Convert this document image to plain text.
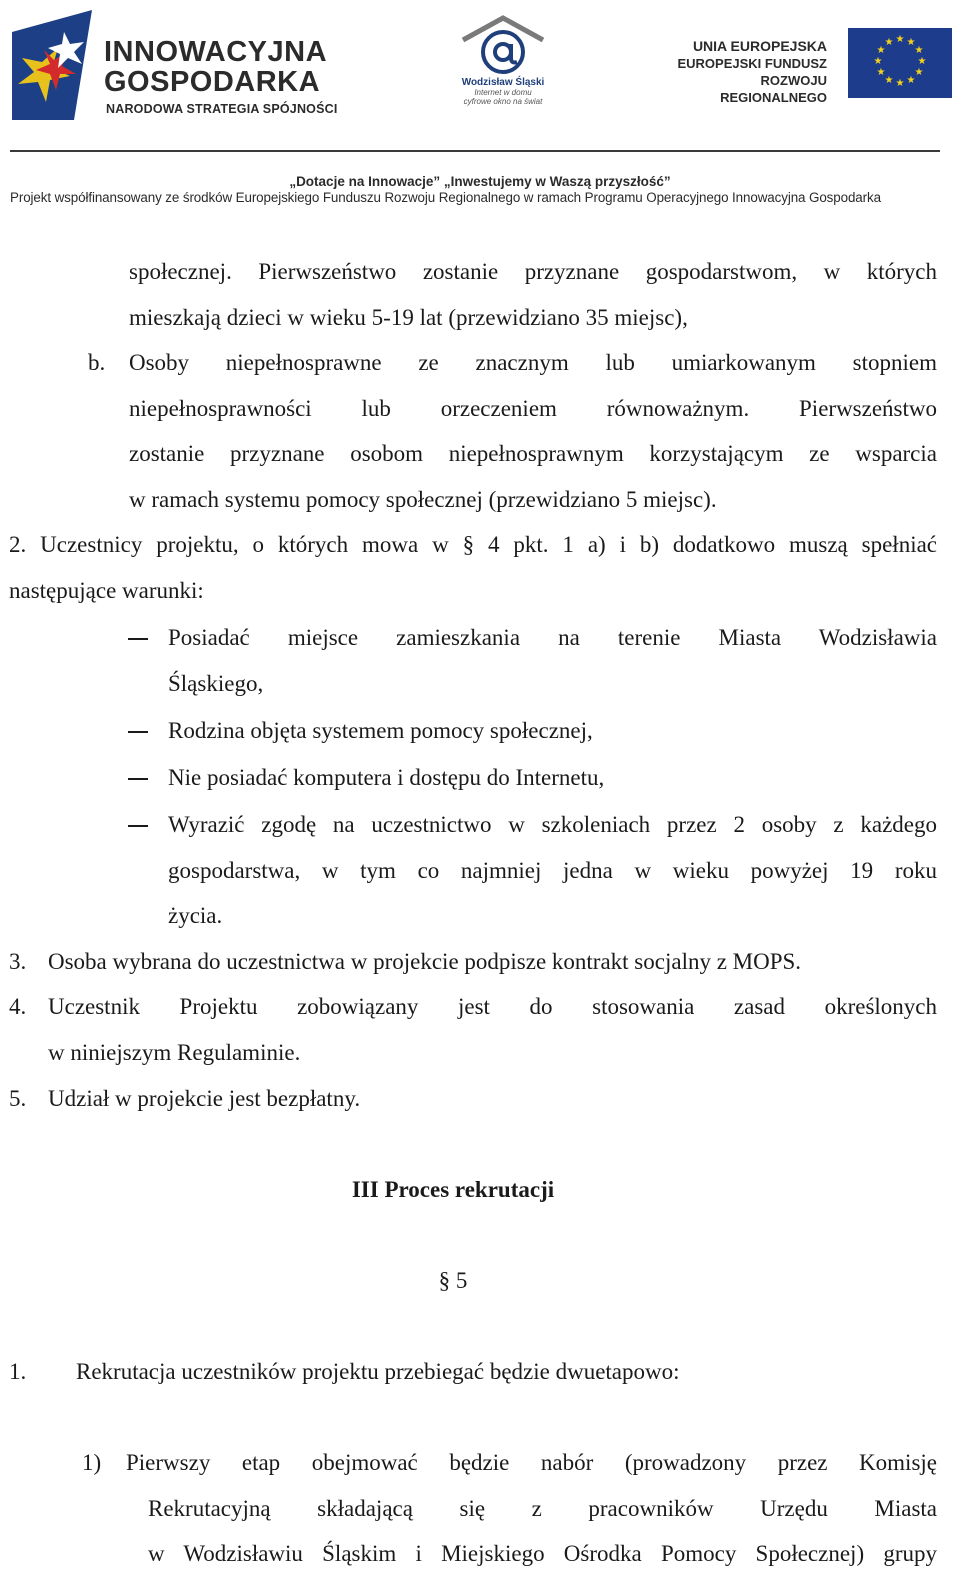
INNOWACYJNA
GOSPODARKA
NARODOWA STRATEGIA SPÓJNOŚCI
Wodzisław Śląski
Internet w domu
cyfrowe okno na świat
UNIA EUROPEJSKA
EUROPEJSKI FUNDUSZ
ROZWOJU REGIONALNEGO
★ ★
★
★
★
★
★
★
★
★
★
★
„Dotacje na Innowacje” „Inwestujemy w Waszą przyszłość”
Projekt współfinansowany ze środków Europejskiego Funduszu Rozwoju Regionalnego w ramach Programu Operacyjnego Innowacyjna Gospodarka
społecznej. Pierwszeństwo zostanie przyznane gospodarstwom, w których
mieszkają dzieci w wieku 5-19 lat (przewidziano 35 miejsc),
b. Osoby niepełnosprawne ze znacznym lub umiarkowanym stopniem
niepełnosprawności lub orzeczeniem równoważnym. Pierwszeństwo
zostanie przyznane osobom niepełnosprawnym korzystającym ze wsparcia
w ramach systemu pomocy społecznej (przewidziano 5 miejsc).
2. Uczestnicy projektu, o których mowa w § 4 pkt. 1 a) i b) dodatkowo muszą spełniać
następujące warunki:
Posiadać miejsce zamieszkania na terenie Miasta Wodzisławia
Śląskiego,
Rodzina objęta systemem pomocy społecznej,
Nie posiadać komputera i dostępu do Internetu,
Wyrazić zgodę na uczestnictwo w szkoleniach przez 2 osoby z każdego
gospodarstwa, w tym co najmniej jedna w wieku powyżej 19 roku
życia.
3. Osoba wybrana do uczestnictwa w projekcie podpisze kontrakt socjalny z MOPS.
4. Uczestnik Projektu zobowiązany jest do stosowania zasad określonych
w niniejszym Regulaminie.
5. Udział w projekcie jest bezpłatny.
III Proces rekrutacji
§ 5
1. Rekrutacja uczestników projektu przebiegać będzie dwuetapowo:
1) Pierwszy etap obejmować będzie nabór (prowadzony przez Komisję
Rekrutacyjną składającą się z pracowników Urzędu Miasta
w Wodzisławiu Śląskim i Miejskiego Ośrodka Pomocy Społecznej) grupy
